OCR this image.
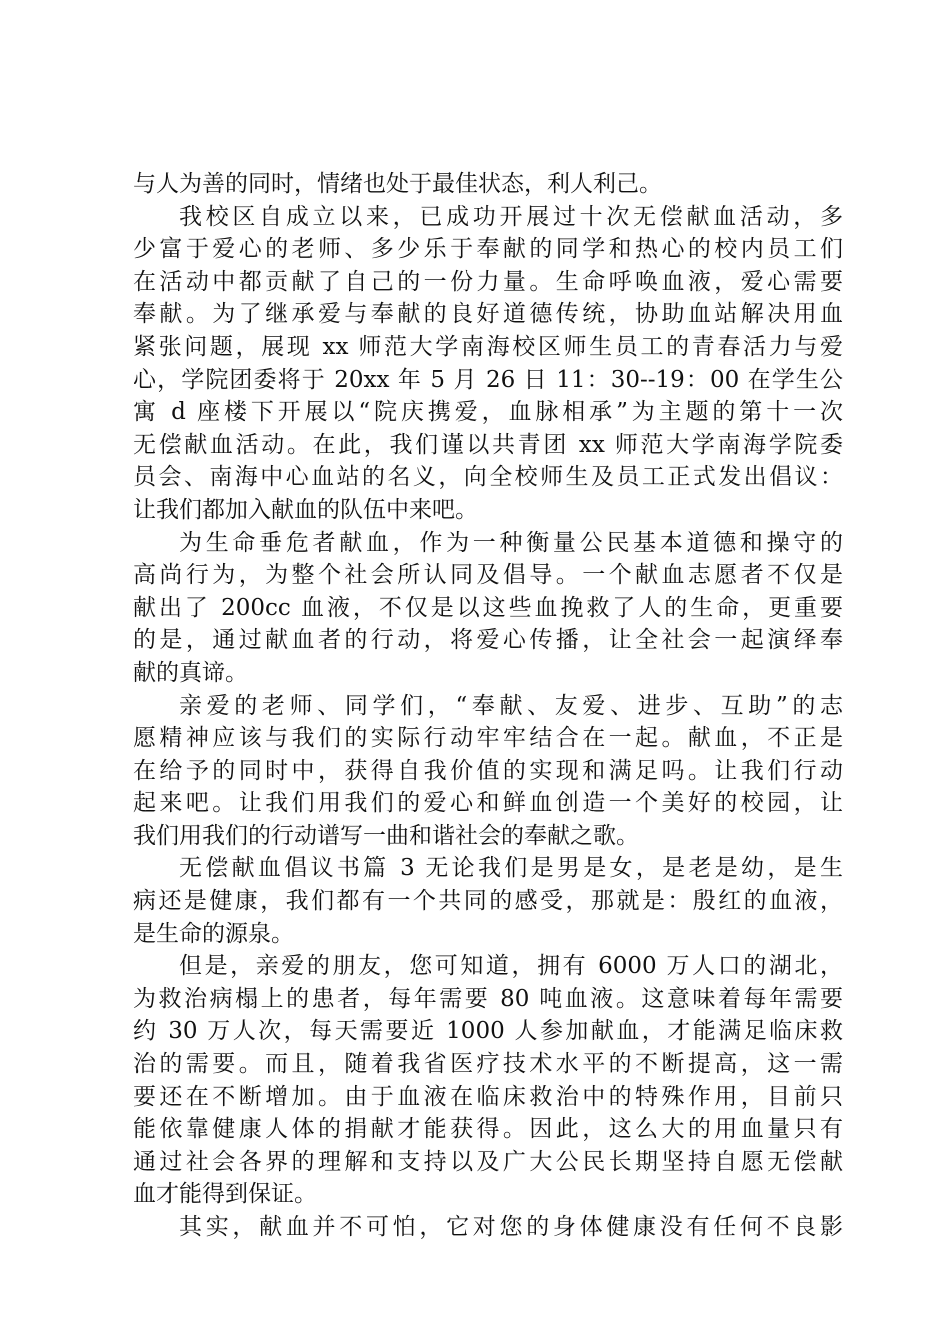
与人为善的同时，情绪也处于最佳状态，利人利己。
我校区自成立以来，已成功开展过十次无偿献血活动，多
少富于爱心的老师、多少乐于奉献的同学和热心的校内员工们
在活动中都贡献了自己的一份力量。生命呼唤血液，爱心需要
奉献。为了继承爱与奉献的良好道德传统，协助血站解决用血
紧张问题，展现 xx 师范大学南海校区师生员工的青春活力与爱
心，学院团委将于 20xx 年 5 月 26 日 11：30--19：00 在学生公
寓 d 座楼下开展以“院庆携爱，血脉相承”为主题的第十一次
无偿献血活动。在此，我们谨以共青团 xx 师范大学南海学院委
员会、南海中心血站的名义，向全校师生及员工正式发出倡议：
让我们都加入献血的队伍中来吧。
为生命垂危者献血，作为一种衡量公民基本道德和操守的
高尚行为，为整个社会所认同及倡导。一个献血志愿者不仅是
献出了 200cc 血液，不仅是以这些血挽救了人的生命，更重要
的是，通过献血者的行动，将爱心传播，让全社会一起演绎奉
献的真谛。
亲爱的老师、同学们，“奉献、友爱、进步、互助”的志
愿精神应该与我们的实际行动牢牢结合在一起。献血，不正是
在给予的同时中，获得自我价值的实现和满足吗。让我们行动
起来吧。让我们用我们的爱心和鲜血创造一个美好的校园，让
我们用我们的行动谱写一曲和谐社会的奉献之歌。
无偿献血倡议书篇 3 无论我们是男是女，是老是幼，是生
病还是健康，我们都有一个共同的感受，那就是：殷红的血液，
是生命的源泉。
但是，亲爱的朋友，您可知道，拥有 6000 万人口的湖北，
为救治病榻上的患者，每年需要 80 吨血液。这意味着每年需要
约 30 万人次，每天需要近 1000 人参加献血，才能满足临床救
治的需要。而且，随着我省医疗技术水平的不断提高，这一需
要还在不断增加。由于血液在临床救治中的特殊作用，目前只
能依靠健康人体的捐献才能获得。因此，这么大的用血量只有
通过社会各界的理解和支持以及广大公民长期坚持自愿无偿献
血才能得到保证。
其实，献血并不可怕，它对您的身体健康没有任何不良影
